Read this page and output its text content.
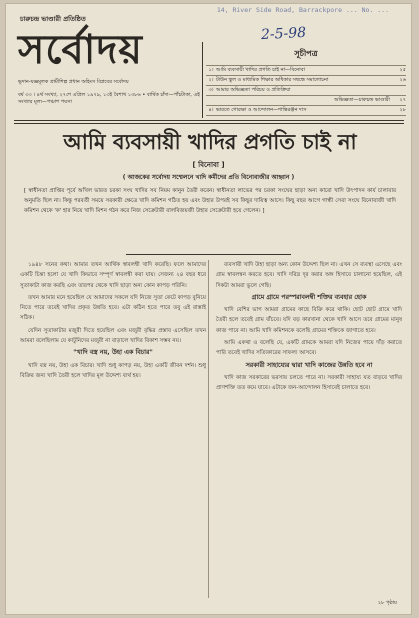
14, River Side Road, Barrackpore ... No. ...
2-5-98
চারুচন্দ্র ভাণ্ডারী প্রতিষ্ঠিত
সর্বোদয়
ভূদান-যজ্ঞমূলক গ্রামীশিল্প প্রধান অহিংস বিপ্লবের সর্বোদয়
বর্ষ ৩৩ । ৪র্থ সংখ্যা, ২৭শে এপ্রিল ১৯৭৯, ১৩ই বৈশাখ ১৩৮৬ • বার্ষিক চাঁদা—পাঁচটাকা, এই সংখ্যার মূল্য—পঞ্চাশ পয়সা
সূচীপত্র
১। আমি ব্যবসায়ী খাদির প্রগতি চাই না—বিনোবা	২৫
২। টাউন স্কুল ও মাধ্যমিক শিক্ষার অধিকার সম্বন্ধে সমালোচনা	২৬
৩। আমার অভিজ্ঞতা পরিচয় ও প্রতিক্রিয়া
অভিজ্ঞতা—চারুচন্দ্র ভাণ্ডারী	২৭
৪। ভারতে গোরক্ষা ও আন্দোলন—শান্তিরঞ্জন দাস	২৮
আমি ব্যবসায়ী খাদির প্রগতি চাই না
[ বিনোবা ]
( আজকের সর্বোদয় সম্মেলনে খাদি কর্মীদের প্রতি বিনোবাজীর আহ্বান )
[ স্বাধীনতা প্রাপ্তির পূর্বে অখিল ভারত চরকা সংঘ খাদির সব নিয়ম কানুন তৈরী করেন। স্বাধীনতা লাভের পর চরকা সংঘের ছাড়া অন্য কারো খাদি উৎপাদন কার্য চালাবার অনুমতি ছিল না। কিন্তু পরবর্তী সময়ে সরকারী ক্ষেত্রে খাদি কমিশন গঠিত হয় এবং উহার উপরই সব কিছুর দায়িত্ব আসে। কিছু বছর আগে গান্ধী সেবা সংঘে বিনোবাজী খাদি কমিশন থেকে 'ক' হার নিয়ে খাদি মিশন গঠন করে নিজ সেক্রেটারী বালবিজয়জী উহার সেক্রেটারী হয়ে গেলেন। ]

১৯৪৮ সনের কথা। আমার তখন আর্থিক স্বাবলম্বী খাদি করেছি। ফলে আমাদের একটি চিন্তা হলো যে খাদি কিভাবে সম্পূর্ণ স্বাবলম্বী করা যায়। সেজন্য ২৪ বছর ধরে সুতাকাটা কাজ করছি এবং তারপর থেকে খাদি ছাড়া অন্য কোন কাপড় পরিনি।

তখন আমার মনে হয়েছিল যে আমাদের সকলে যদি নিজে সুতা কেটে কাপড় বুনিয়ে নিতে পারে তবেই খাদির প্রকৃত উন্নতি হবে। এটা কঠিন হতে পারে তবু এই রাস্তাই সঠিক।

যেদিন সুতাকাটার মজুরী দিতে হয়েছিল এবং মজুরী বৃদ্ধির প্রস্তাব এসেছিল তখন আমরা বলেছিলাম যে কাটুনিদের মজুরী না বাড়ালে খাদির বিকাশ সম্ভব নয়।

"খাদি বস্ত্র নয়, উহা এক বিচার"

খাদি বস্ত্র নয়, উহা এক বিচার। খাদি শুধু কাপড় নয়, উহা একটি জীবন দর্শন। শুধু বিক্রির জন্য খাদি তৈরী হলে খাদির মূল উদ্দেশ্য ব্যর্থ হয়।

ব্যবসায়ী খাদি উহা ছাড়া অন্য কোন উদ্দেশ্য ছিল না। এখন সে ব্যবস্থা এসেছে এবং গ্রাম স্বাবলম্বন করতে হবে। খাদি দরিদ্র দূর করার অঙ্গ হিসাবে চালানো হয়েছিল, এই দিকটা আমরা ভুলে গেছি।

গ্রামে গ্রামে পরস্পরাবলম্বী শক্তির ব্যবহার হোক

খাদি বেশির ভাগ আমরা গ্রামের কাছে বিক্রি করে থাকি। ছোট ছোট গ্রামে খাদি তৈরী হলে তবেই গ্রাম বাঁচবে। যদি বড় কারখানা থেকে খাদি আসে তবে গ্রামের মানুষ কাজ পাবে না। আমি খাদি কমিশনকে বলেছি গ্রামের শক্তিকে জাগাতে হবে।

আমি একথা ও বলেছি যে, একটি গ্রামকে আমরা যদি নিজের পায়ে দাঁড় করাতে পারি তবেই খাদির সত্যিকারের সাফল্য আসবে।

সরকারী সাহায্যের দ্বারা খাদি কাজের উন্নতি হবে না

খাদি কাজ সরকারের ভরসায় চলতে পারে না। সরকারী সাহায্য যত বাড়বে খাদির প্রাণশক্তি তত কমে যাবে। এটাকে জন-আন্দোলন হিসাবেই চালাতে হবে।

২৮ পৃষ্ঠায়
